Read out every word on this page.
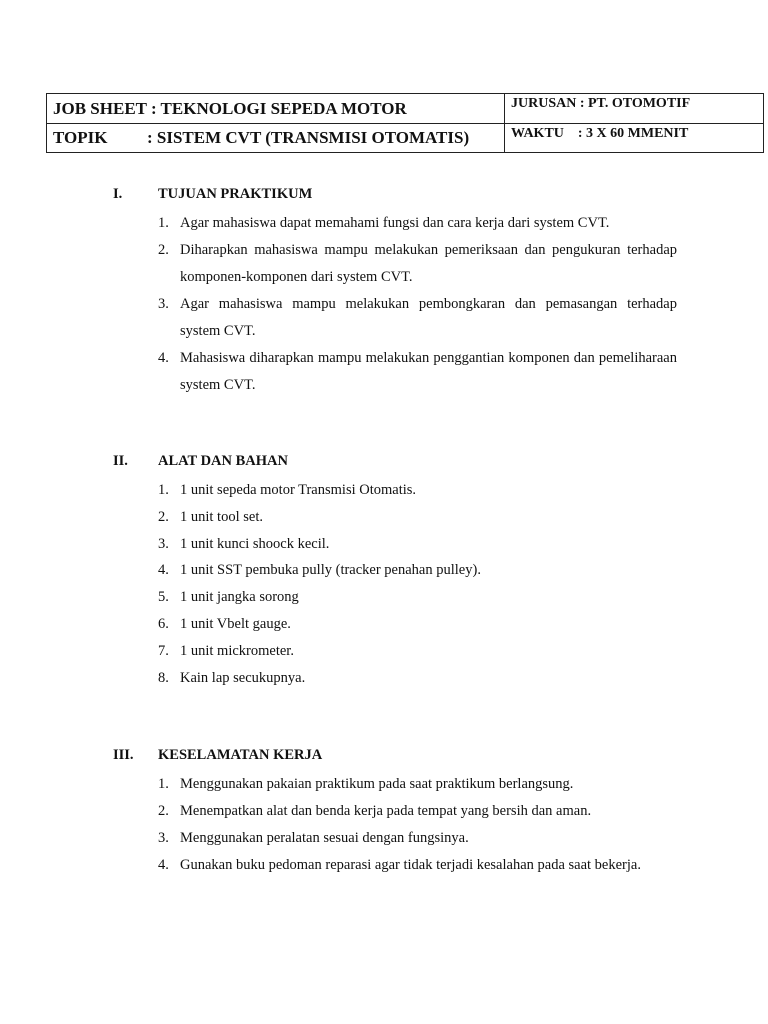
JOB SHEET : TEKNOLOGI SEPEDA MOTOR	JURUSAN : PT. OTOMOTIF
TOPIK : SISTEM CVT (TRANSMISI OTOMATIS)	WAKTU    : 3 X 60 MMENIT
I. TUJUAN PRAKTIKUM
1. Agar mahasiswa dapat memahami fungsi dan cara kerja dari system CVT.
2. Diharapkan mahasiswa mampu melakukan pemeriksaan dan pengukuran terhadap komponen-komponen dari system CVT.
3. Agar mahasiswa mampu melakukan pembongkaran dan pemasangan terhadap system CVT.
4. Mahasiswa diharapkan mampu melakukan penggantian komponen dan pemeliharaan system CVT.
II. ALAT DAN BAHAN
1. 1 unit sepeda motor Transmisi Otomatis.
2. 1 unit tool set.
3. 1 unit kunci shoock kecil.
4. 1 unit SST pembuka pully (tracker penahan pulley).
5. 1 unit jangka sorong
6. 1 unit Vbelt gauge.
7. 1 unit mickrometer.
8. Kain lap secukupnya.
III. KESELAMATAN KERJA
1. Menggunakan pakaian praktikum pada saat praktikum berlangsung.
2. Menempatkan alat dan benda kerja pada tempat yang bersih dan aman.
3. Menggunakan peralatan sesuai dengan fungsinya.
4. Gunakan buku pedoman reparasi agar tidak terjadi kesalahan pada saat bekerja.
